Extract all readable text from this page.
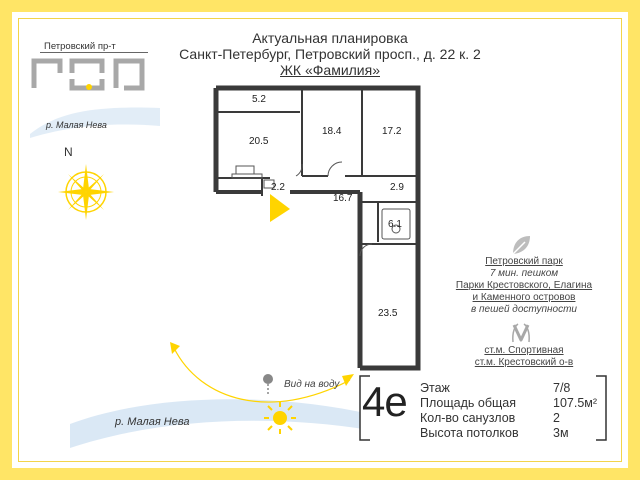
Актуальная планировка
Санкт-Петербург, Петровский просп., д. 22 к. 2
ЖК «Фамилия»
Петровский пр-т
р. Малая Нева
N
р. Малая Нева
Вид на воду
5.2
20.5
18.4	17.2
2.2
16.7
2.9
6.1
23.5
Петровский парк
7 мин. пешком
Парки Крестовского, Елагина
и Каменного островов
в пешей доступности
ст.м. Спортивная
ст.м. Крестовский о-в
4е Этаж	7/8
Площадь общая	107.5м²
Кол-во санузлов	2
Высота потолков	3м
